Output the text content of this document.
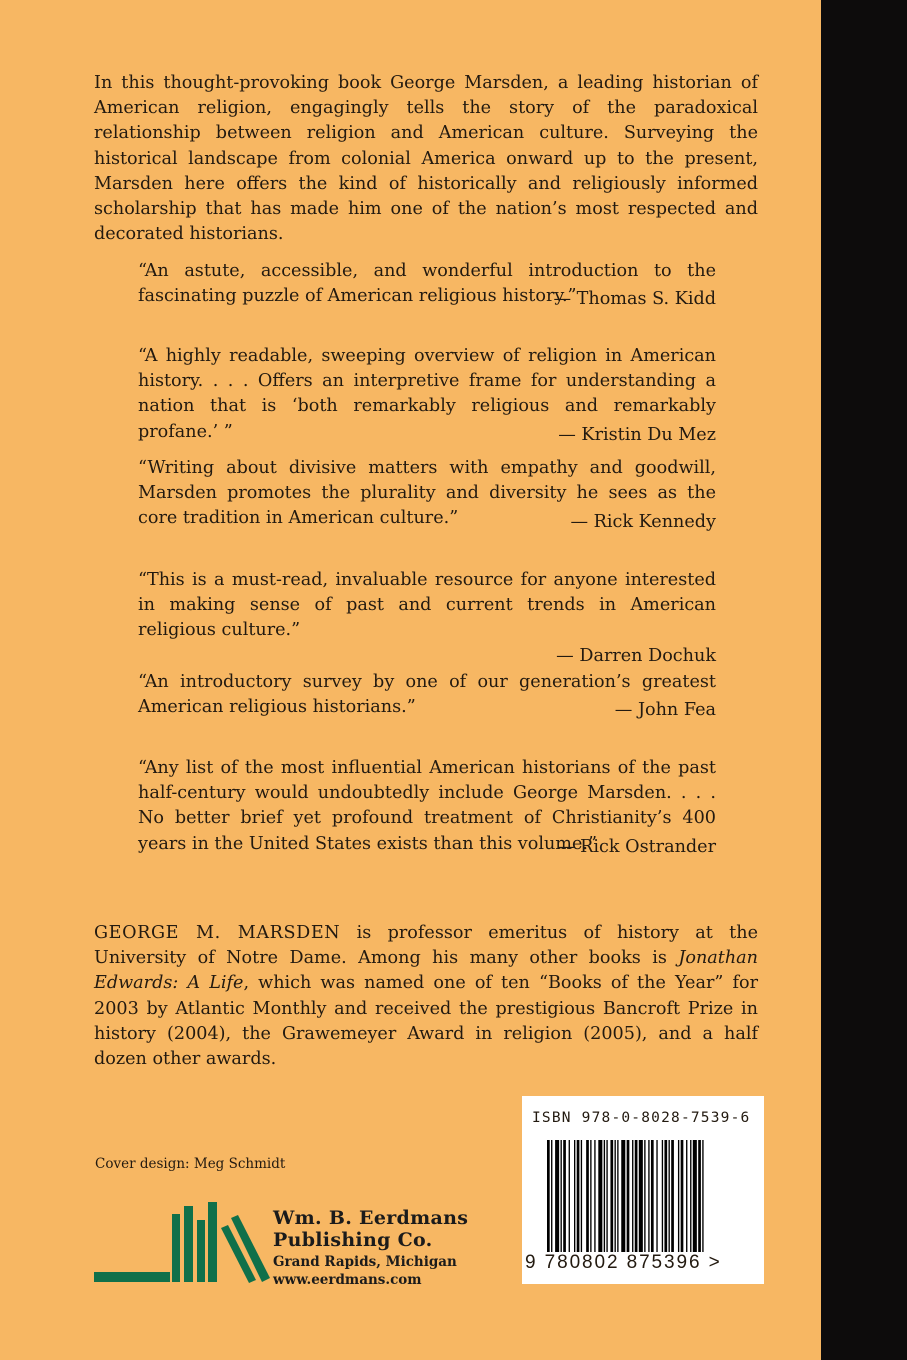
In this thought-provoking book George Marsden, a leading historian of American religion, engagingly tells the story of the paradoxical relationship between religion and American culture. Surveying the historical landscape from colonial America onward up to the present, Marsden here offers the kind of historically and religiously informed scholarship that has made him one of the nation’s most respected and decorated historians.

“An astute, accessible, and wonderful introduction to the fascinating puzzle of American religious history.”

— Thomas S. Kidd

“A highly readable, sweeping overview of religion in American history. . . . Offers an interpretive frame for understanding a nation that is ‘both remarkably religious and remarkably profane.’ ”	— Kristin Du Mez

“Writing about divisive matters with empathy and goodwill, Marsden promotes the plurality and diversity he sees as the core tradition in American culture.”	— Rick Kennedy

“This is a must-read, invaluable resource for anyone interested in making sense of past and current trends in American religious culture.”

— Darren Dochuk

“An introductory survey by one of our generation’s greatest American religious historians.”	— John Fea

“Any list of the most influential American historians of the past half-century would undoubtedly include George Marsden. . . . No better brief yet profound treatment of Christianity’s 400 years in the United States exists than this volume.”

— Rick Ostrander

GEORGE M. MARSDEN is professor emeritus of history at the University of Notre Dame. Among his many other books is Jonathan Edwards: A Life, which was named one of ten “Books of the Year” for 2003 by Atlantic Monthly and received the prestigious Bancroft Prize in history (2004), the Grawemeyer Award in religion (2005), and a half dozen other awards.

Cover design: Meg Schmidt
Wm. B. Eerdmans
Publishing Co.
Grand Rapids, Michigan
www.eerdmans.com
ISBN 978-0-8028-7539-6
9 780802 875396 >
